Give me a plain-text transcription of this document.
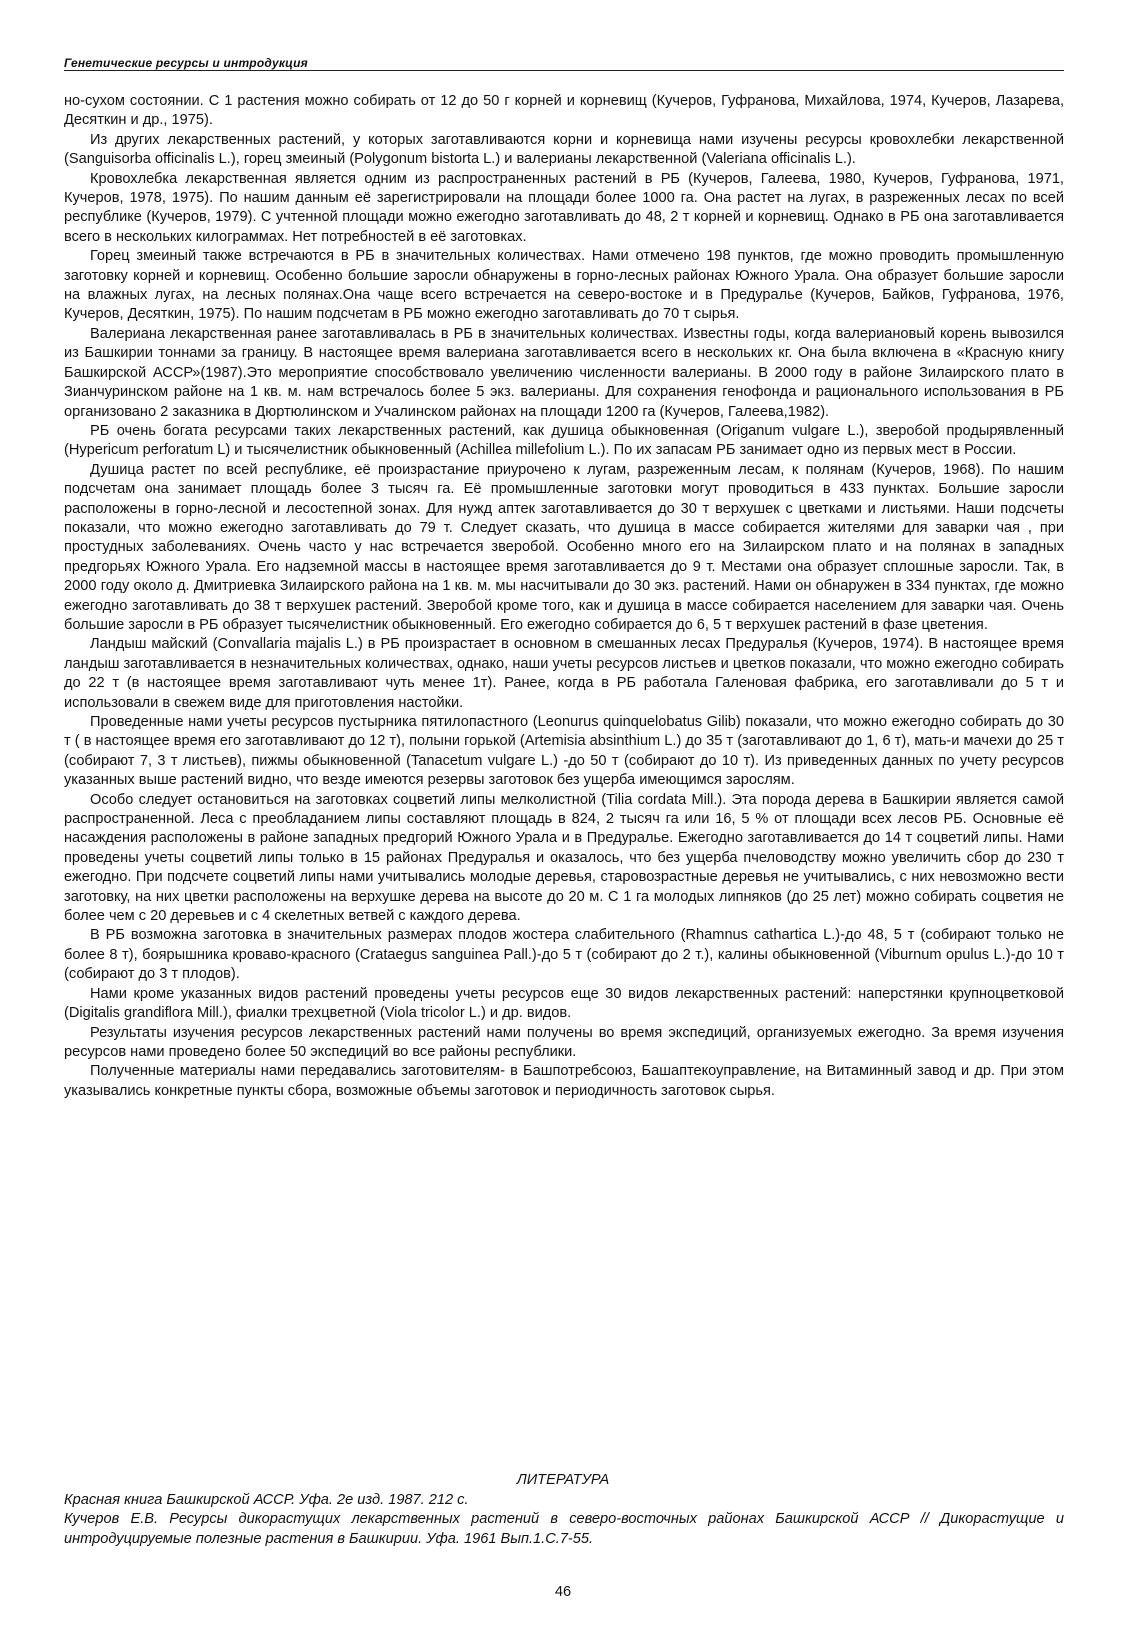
Генетические ресурсы и интродукция

но-сухом состоянии. С 1 растения можно собирать от 12 до 50 г корней и корневищ (Кучеров, Гуфранова, Михайлова, 1974, Кучеров, Лазарева, Десяткин и др., 1975).

Из других лекарственных растений, у которых заготавливаются корни и корневища нами изучены ресурсы кровохлебки лекарственной (Sanguisorba officinalis L.), горец змеиный (Polygonum bistorta L.) и валерианы лекарственной (Valeriana officinalis L.).

Кровохлебка лекарственная является одним из распространенных растений в РБ (Кучеров, Галеева, 1980, Кучеров, Гуфранова, 1971, Кучеров, 1978, 1975). По нашим данным её зарегистрировали на площади более 1000 га. Она растет на лугах, в разреженных лесах по всей республике (Кучеров, 1979). С учтенной площади можно ежегодно заготавливать до 48, 2 т корней и корневищ. Однако в РБ она заготавливается всего в нескольких килограммах. Нет потребностей в её заготовках.

Горец змеиный также встречаются в РБ в значительных количествах. Нами отмечено 198 пунктов, где можно проводить промышленную заготовку корней и корневищ. Особенно большие заросли обнаружены в горно-лесных районах Южного Урала. Она образует большие заросли на влажных лугах, на лесных полянах.Она чаще всего встречается на северо-востоке и в Предуралье (Кучеров, Байков, Гуфранова, 1976, Кучеров, Десяткин, 1975). По нашим подсчетам в РБ можно ежегодно заготавливать до 70 т сырья.

Валериана лекарственная ранее заготавливалась в РБ в значительных количествах. Известны годы, когда валериановый корень вывозился из Башкирии тоннами за границу. В настоящее время валериана заготавливается всего в нескольких кг. Она была включена в «Красную книгу Башкирской АССР»(1987).Это мероприятие способствовало увеличению численности валерианы. В 2000 году в районе Зилаирского плато в Зианчуринском районе на 1 кв. м. нам встречалось более 5 экз. валерианы. Для сохранения генофонда и рационального использования в РБ организовано 2 заказника в Дюртюлинском и Учалинском районах на площади 1200 га (Кучеров, Галеева,1982).

РБ очень богата ресурсами таких лекарственных растений, как душица обыкновенная (Origanum vulgare L.), зверобой продырявленный (Hypericum perforatum L) и тысячелистник обыкновенный (Achillea millefolium L.). По их запасам РБ занимает одно из первых мест в России.

Душица растет по всей республике, её произрастание приурочено к лугам, разреженным лесам, к полянам (Кучеров, 1968). По нашим подсчетам она занимает площадь более 3 тысяч га. Её промышленные заготовки могут проводиться в 433 пунктах. Большие заросли расположены в горно-лесной и лесостепной зонах. Для нужд аптек заготавливается до 30 т верхушек с цветками и листьями. Наши подсчеты показали, что можно ежегодно заготавливать до 79 т. Следует сказать, что душица в массе собирается жителями для заварки чая , при простудных заболеваниях. Очень часто у нас встречается зверобой. Особенно много его на Зилаирском плато и на полянах в западных предгорьях Южного Урала. Его надземной массы в настоящее время заготавливается до 9 т. Местами она образует сплошные заросли. Так, в 2000 году около д. Дмитриевка Зилаирского района на 1 кв. м. мы насчитывали до 30 экз. растений. Нами он обнаружен в 334 пунктах, где можно ежегодно заготавливать до 38 т верхушек растений. Зверобой кроме того, как и душица в массе собирается населением для заварки чая. Очень большие заросли в РБ образует тысячелистник обыкновенный. Его ежегодно собирается до 6, 5 т верхушек растений в фазе цветения.

Ландыш майский (Convallaria majalis L.) в РБ произрастает в основном в смешанных лесах Предуралья (Кучеров, 1974). В настоящее время ландыш заготавливается в незначительных количествах, однако, наши учеты ресурсов листьев и цветков показали, что можно ежегодно собирать до 22 т (в настоящее время заготавливают чуть менее 1т). Ранее, когда в РБ работала Галеновая фабрика, его заготавливали до 5 т и использовали в свежем виде для приготовления настойки.

Проведенные нами учеты ресурсов пустырника пятилопастного (Leonurus quinquelobatus Gilib) показали, что можно ежегодно собирать до 30 т ( в настоящее время его заготавливают до 12 т), полыни горькой (Artemisia absinthium L.) до 35 т (заготавливают до 1, 6 т), мать-и мачехи до 25 т (собирают 7, 3 т листьев), пижмы обыкновенной (Tanacetum vulgare L.) -до 50 т (собирают до 10 т). Из приведенных данных по учету ресурсов указанных выше растений видно, что везде имеются резервы заготовок без ущерба имеющимся зарослям.

Особо следует остановиться на заготовках соцветий липы мелколистной (Tilia cordata Mill.). Эта порода дерева в Башкирии является самой распространенной. Леса с преобладанием липы составляют площадь в 824, 2 тысяч га или 16, 5 % от площади всех лесов РБ. Основные её насаждения расположены в районе западных предгорий Южного Урала и в Предуралье. Ежегодно заготавливается до 14 т соцветий липы. Нами проведены учеты соцветий липы только в 15 районах Предуралья и оказалось, что без ущерба пчеловодству можно увеличить сбор до 230 т ежегодно. При подсчете соцветий липы нами учитывались молодые деревья, старовозрастные деревья не учитывались, с них невозможно вести заготовку, на них цветки расположены на верхушке дерева на высоте до 20 м. С 1 га молодых липняков (до 25 лет) можно собирать соцветия не более чем с 20 деревьев и с 4 скелетных ветвей с каждого дерева.

В РБ возможна заготовка в значительных размерах плодов жостера слабительного (Rhamnus cathartica L.)-до 48, 5 т (собирают только не более 8 т), боярышника кроваво-красного (Crataegus sanguinea Pall.)-до 5 т (собирают до 2 т.), калины обыкновенной (Viburnum opulus L.)-до 10 т (собирают до 3 т плодов).

Нами кроме указанных видов растений проведены учеты ресурсов еще 30 видов лекарственных растений: наперстянки крупноцветковой (Digitalis grandiflora Mill.), фиалки трехцветной (Viola tricolor L.) и др. видов.

Результаты изучения ресурсов лекарственных растений нами получены во время экспедиций, организуемых ежегодно. За время изучения ресурсов нами проведено более 50 экспедиций во все районы республики.

Полученные материалы нами передавались заготовителям- в Башпотребсоюз, Башаптекоуправление, на Витаминный завод и др. При этом указывались конкретные пункты сбора, возможные объемы заготовок и периодичность заготовок сырья.

ЛИТЕРАТУРА

Красная книга Башкирской АССР. Уфа. 2е изд. 1987. 212 с.

Кучеров Е.В. Ресурсы дикорастущих лекарственных растений в северо-восточных районах Башкирской АССР // Дикорастущие и интродуцируемые полезные растения в Башкирии. Уфа. 1961 Вып.1.С.7-55.

46
